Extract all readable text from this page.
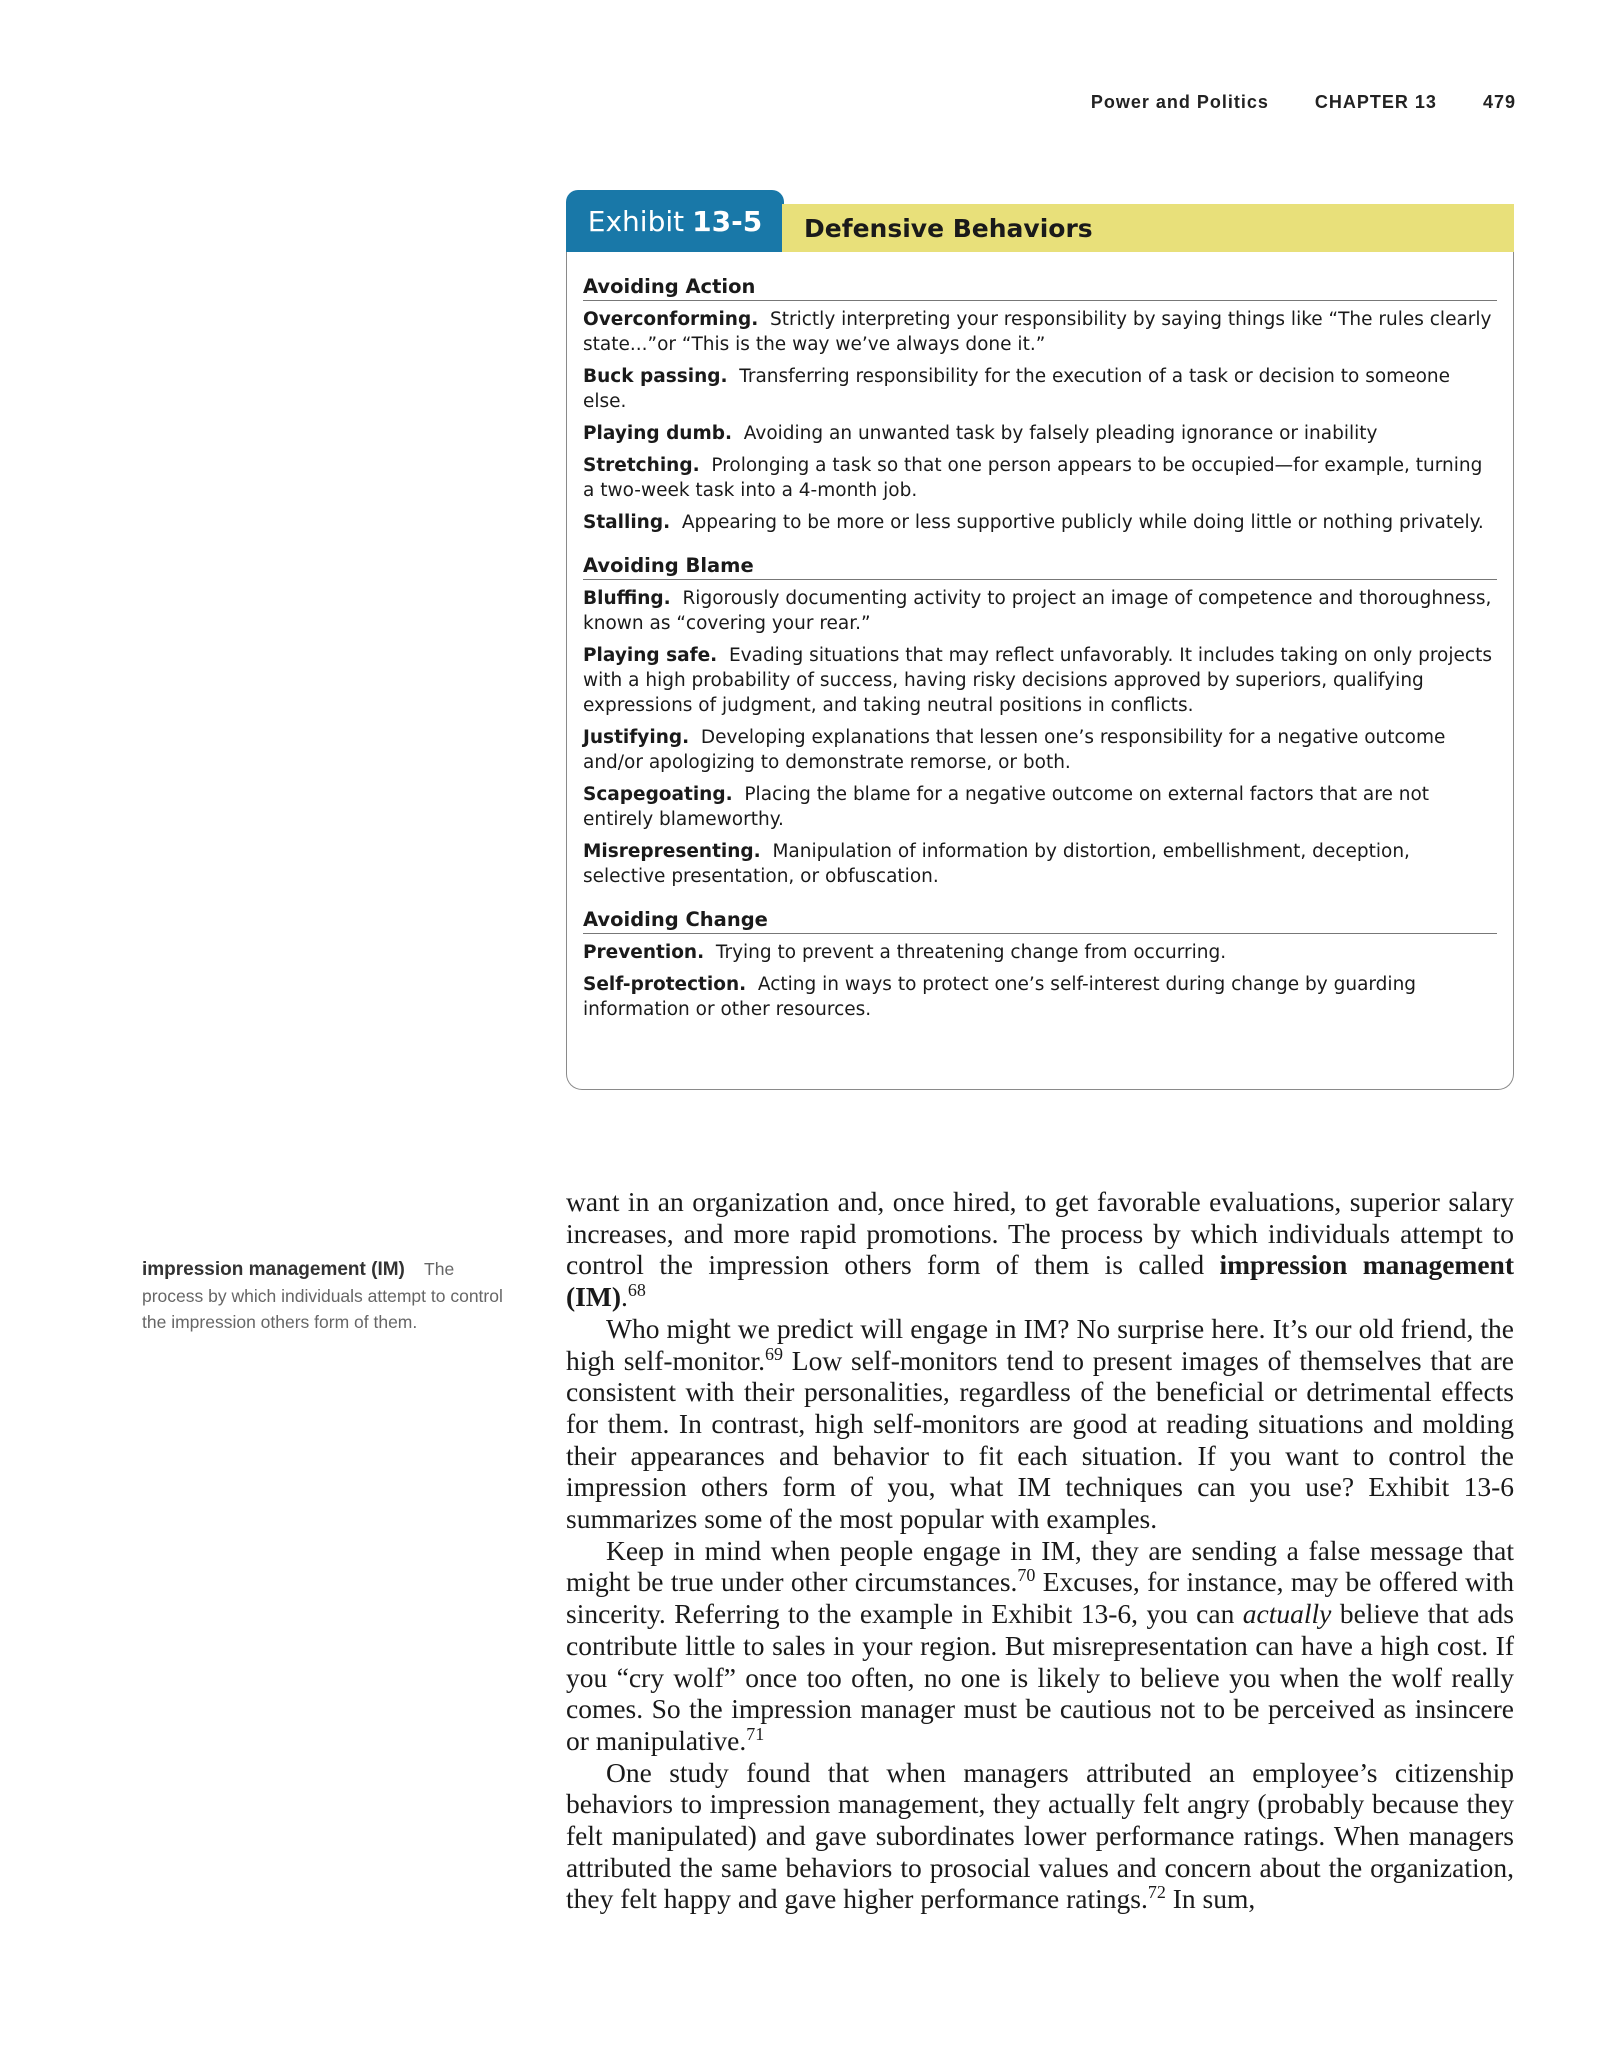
Power and Politics	CHAPTER 13	479
Exhibit 13-5 Defensive Behaviors
Avoiding Action
Overconforming. Strictly interpreting your responsibility by saying things like “The rules clearly state...”or “This is the way we’ve always done it.”
Buck passing. Transferring responsibility for the execution of a task or decision to someone else.
Playing dumb. Avoiding an unwanted task by falsely pleading ignorance or inability
Stretching. Prolonging a task so that one person appears to be occupied—for example, turning a two-week task into a 4-month job.
Stalling. Appearing to be more or less supportive publicly while doing little or nothing privately.
Avoiding Blame
Bluffing. Rigorously documenting activity to project an image of competence and thoroughness, known as “covering your rear.”
Playing safe. Evading situations that may reflect unfavorably. It includes taking on only projects with a high probability of success, having risky decisions approved by superiors, qualifying expressions of judgment, and taking neutral positions in conflicts.
Justifying. Developing explanations that lessen one’s responsibility for a negative outcome and/or apologizing to demonstrate remorse, or both.
Scapegoating. Placing the blame for a negative outcome on external factors that are not entirely blameworthy.
Misrepresenting. Manipulation of information by distortion, embellishment, deception, selective presentation, or obfuscation.
Avoiding Change
Prevention. Trying to prevent a threatening change from occurring.
Self-protection. Acting in ways to protect one’s self-interest during change by guarding information or other resources.
impression management (IM) The process by which individuals attempt to control the impression others form of them.

want in an organization and, once hired, to get favorable evaluations, superior salary increases, and more rapid promotions. The process by which individuals attempt to control the impression others form of them is called impression management (IM).$^{68}$

Who might we predict will engage in IM? No surprise here. It’s our old friend, the high self-monitor.$^{69}$ Low self-monitors tend to present images of themselves that are consistent with their personalities, regardless of the beneficial or detrimental effects for them. In contrast, high self-monitors are good at reading situations and molding their appearances and behavior to fit each situation. If you want to control the impression others form of you, what IM techniques can you use? Exhibit 13-6 summarizes some of the most popular with examples.

Keep in mind when people engage in IM, they are sending a false message that might be true under other circumstances.$^{70}$ Excuses, for instance, may be offered with sincerity. Referring to the example in Exhibit 13-6, you can actually believe that ads contribute little to sales in your region. But misrepresentation can have a high cost. If you “cry wolf” once too often, no one is likely to believe you when the wolf really comes. So the impression manager must be cautious not to be perceived as insincere or manipulative.$^{71}$

One study found that when managers attributed an employee’s citizenship behaviors to impression management, they actually felt angry (probably because they felt manipulated) and gave subordinates lower performance ratings. When managers attributed the same behaviors to prosocial values and concern about the organization, they felt happy and gave higher performance ratings.$^{72}$ In sum,
